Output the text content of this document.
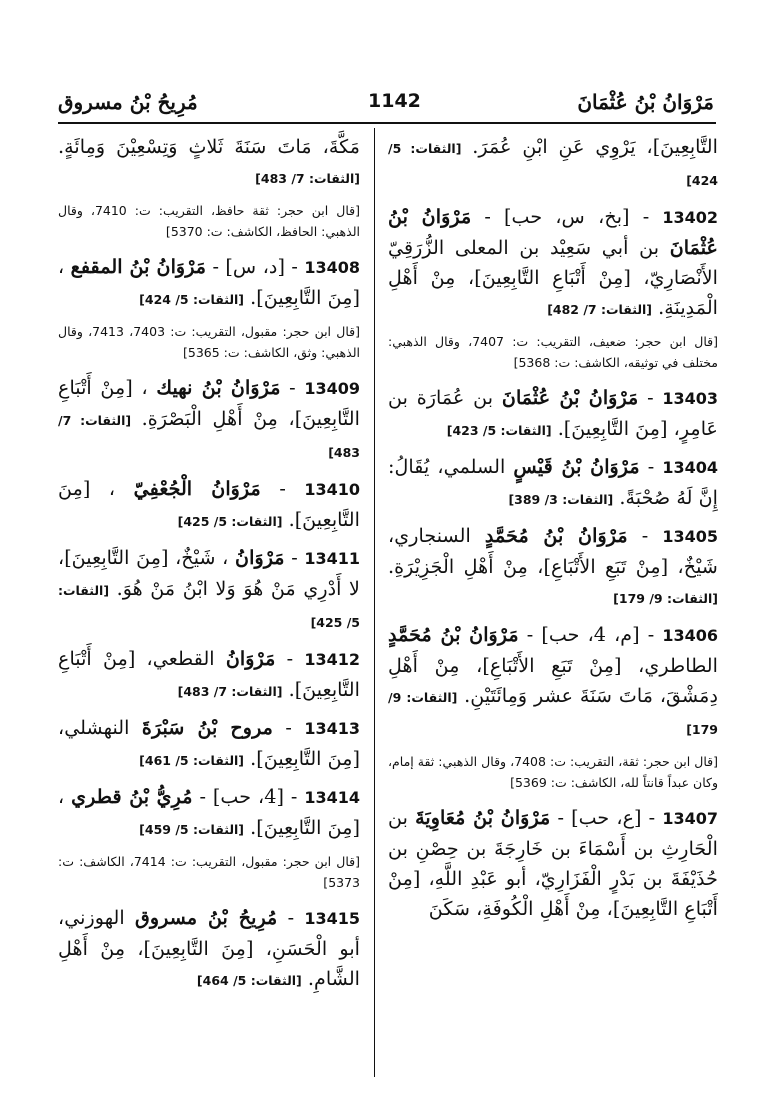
مَرْوَانُ بْنُ عُثْمَانَ
1142
مُرِيحُ بْنُ مسروق
التَّابِعِينَ]، يَرْوِي عَنِ ابْنِ عُمَرَ. [الثقات: 5/ 424]
13402 - [بخ، س، حب] - مَرْوَانُ بْنُ عُثْمَانَ بن أبي سَعِيْد بن المعلى الزُّرَقِيّ الأَنْصَارِيّ، [مِنْ أَتْبَاعِ التَّابِعِينَ]، مِنْ أَهْلِ الْمَدِينَةِ. [الثقات: 7/ 482]
[قال ابن حجر: ضعيف، التقريب: ت: 7407، وقال الذهبي: مختلف في توثيقه، الكاشف: ت: 5368]
13403 - مَرْوَانُ بْنُ عُثْمَانَ بن عُمَارَة بن عَامِرٍ، [مِنَ التَّابِعِينَ]. [الثقات: 5/ 423]
13404 - مَرْوَانُ بْنُ قَيْسٍ السلمي، يُقَالُ: إِنَّ لَهُ صُحْبَةً. [الثقات: 3/ 389]
13405 - مَرْوَانُ بْنُ مُحَمَّدٍ السنجاري، شَيْخٌ، [مِنْ تَبَعِ الأَتْبَاعِ]، مِنْ أَهْلِ الْجَزِيْرَةِ. [الثقات: 9/ 179]
13406 - [م، 4، حب] - مَرْوَانُ بْنُ مُحَمَّدٍ الطاطري، [مِنْ تَبَعِ الأَتْبَاعِ]، مِنْ أَهْلِ دِمَشْقَ، مَاتَ سَنَةَ عشر وَمِائَتَيْنِ. [الثقات: 9/ 179]
[قال ابن حجر: ثقة، التقريب: ت: 7408، وقال الذهبي: ثقة إمام، وكان عبداً قانتاً لله، الكاشف: ت: 5369]
13407 - [ع، حب] - مَرْوَانُ بْنُ مُعَاوِيَةَ بن الْحَارِثِ بن أَسْمَاءَ بن خَارِجَةَ بن حِصْنِ بن حُذَيْفَةَ بن بَدْرٍ الْفَزَارِيّ، أبو عَبْدِ اللَّهِ، [مِنْ أَتْبَاعِ التَّابِعِينَ]، مِنْ أَهْلِ الْكُوفَةِ، سَكَنَ
مَكَّةَ، مَاتَ سَنَةَ ثَلاثٍ وَتِسْعِيْنَ وَمِائَةٍ. [الثقات: 7/ 483]
[قال ابن حجر: ثقة حافظ، التقريب: ت: 7410، وقال الذهبي: الحافظ، الكاشف: ت: 5370]
13408 - [د، س] - مَرْوَانُ بْنُ المقفع ، [مِنَ التَّابِعِينَ]. [الثقات: 5/ 424]
[قال ابن حجر: مقبول، التقريب: ت: 7403، 7413، وقال الذهبي: وثق، الكاشف: ت: 5365]
13409 - مَرْوَانُ بْنُ نهيك ، [مِنْ أَتْبَاعِ التَّابِعِينَ]، مِنْ أَهْلِ الْبَصْرَةِ. [الثقات: 7/ 483]
13410 - مَرْوَانُ الْجُعْفِيّ ، [مِنَ التَّابِعِينَ]. [الثقات: 5/ 425]
13411 - مَرْوَانُ ، شَيْخٌ، [مِنَ التَّابِعِينَ]، لا أَدْرِي مَنْ هُوَ وَلا ابْنُ مَنْ هُوَ. [الثقات: 5/ 425]
13412 - مَرْوَانُ القطعي، [مِنْ أَتْبَاعِ التَّابِعِينَ]. [الثقات: 7/ 483]
13413 - مروح بْنُ سَبْرَةَ النهشلي، [مِنَ التَّابِعِينَ]. [الثقات: 5/ 461]
13414 - [4، حب] - مُرِيُّ بْنُ قطري ، [مِنَ التَّابِعِينَ]. [الثقات: 5/ 459]
[قال ابن حجر: مقبول، التقريب: ت: 7414، الكاشف: ت: 5373]
13415 - مُرِيحُ بْنُ مسروق الهوزني، أبو الْحَسَنِ، [مِنَ التَّابِعِينَ]، مِنْ أَهْلِ الشَّامِ. [الثقات: 5/ 464]
